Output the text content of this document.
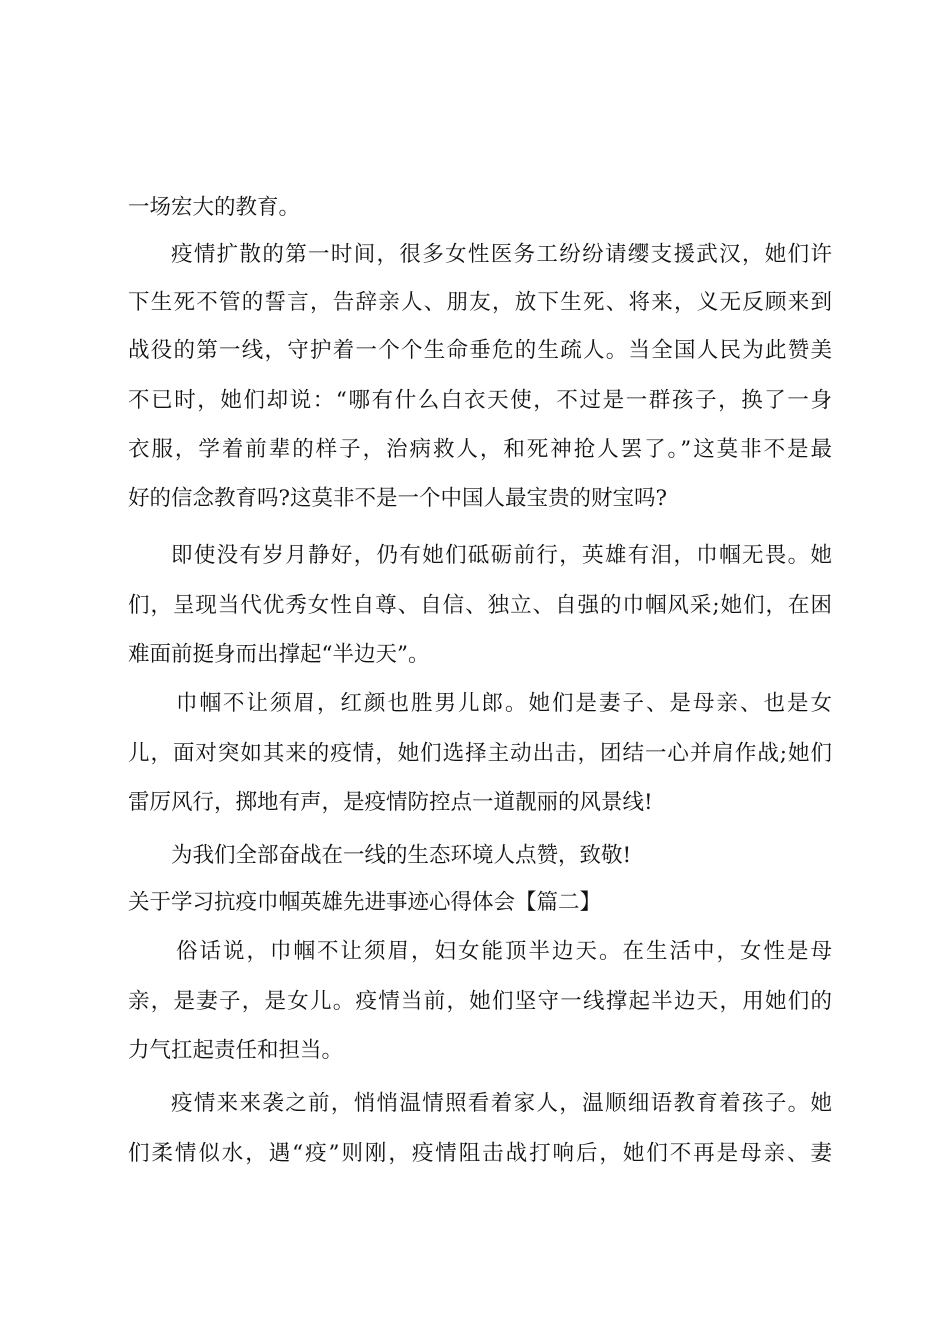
一场宏大的教育。
疫情扩散的第一时间，很多女性医务工纷纷请缨支援武汉，她们许
下生死不管的誓言，告辞亲人、朋友，放下生死、将来，义无反顾来到
战役的第一线，守护着一个个生命垂危的生疏人。当全国人民为此赞美
不已时，她们却说：“哪有什么白衣天使，不过是一群孩子，换了一身
衣服，学着前辈的样子，治病救人，和死神抢人罢了。”这莫非不是最
好的信念教育吗?这莫非不是一个中国人最宝贵的财宝吗?
即使没有岁月静好，仍有她们砥砺前行，英雄有泪，巾帼无畏。她
们，呈现当代优秀女性自尊、自信、独立、自强的巾帼风采;她们，在困
难面前挺身而出撑起“半边天”。
巾帼不让须眉，红颜也胜男儿郎。她们是妻子、是母亲、也是女
儿，面对突如其来的疫情，她们选择主动出击，团结一心并肩作战;她们
雷厉风行，掷地有声，是疫情防控点一道靓丽的风景线!
为我们全部奋战在一线的生态环境人点赞，致敬!
关于学习抗疫巾帼英雄先进事迹心得体会【篇二】
俗话说，巾帼不让须眉，妇女能顶半边天。在生活中，女性是母
亲，是妻子，是女儿。疫情当前，她们坚守一线撑起半边天，用她们的
力气扛起责任和担当。
疫情来来袭之前，悄悄温情照看着家人，温顺细语教育着孩子。她
们柔情似水，遇“疫”则刚，疫情阻击战打响后，她们不再是母亲、妻
